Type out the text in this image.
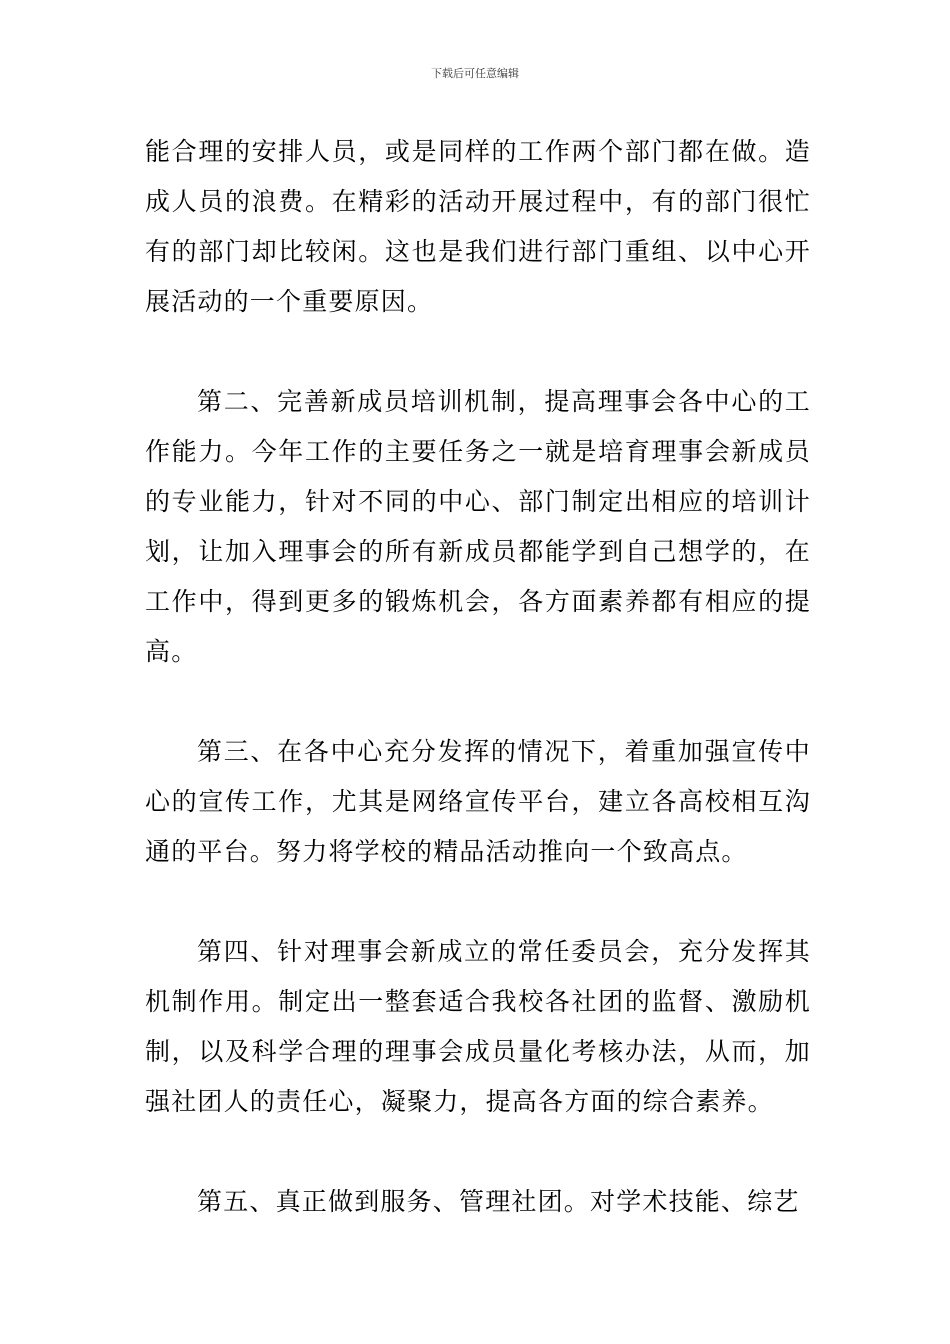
下载后可任意编辑

能合理的安排人员，或是同样的工作两个部门都在做。造成人员的浪费。在精彩的活动开展过程中，有的部门很忙有的部门却比较闲。这也是我们进行部门重组、以中心开展活动的一个重要原因。

第二、完善新成员培训机制，提高理事会各中心的工作能力。今年工作的主要任务之一就是培育理事会新成员的专业能力，针对不同的中心、部门制定出相应的培训计划，让加入理事会的所有新成员都能学到自己想学的，在工作中，得到更多的锻炼机会，各方面素养都有相应的提高。

第三、在各中心充分发挥的情况下，着重加强宣传中心的宣传工作，尤其是网络宣传平台，建立各高校相互沟通的平台。努力将学校的精品活动推向一个致高点。

第四、针对理事会新成立的常任委员会，充分发挥其机制作用。制定出一整套适合我校各社团的监督、激励机制，以及科学合理的理事会成员量化考核办法，从而，加强社团人的责任心，凝聚力，提高各方面的综合素养。

第五、真正做到服务、管理社团。对学术技能、综艺
